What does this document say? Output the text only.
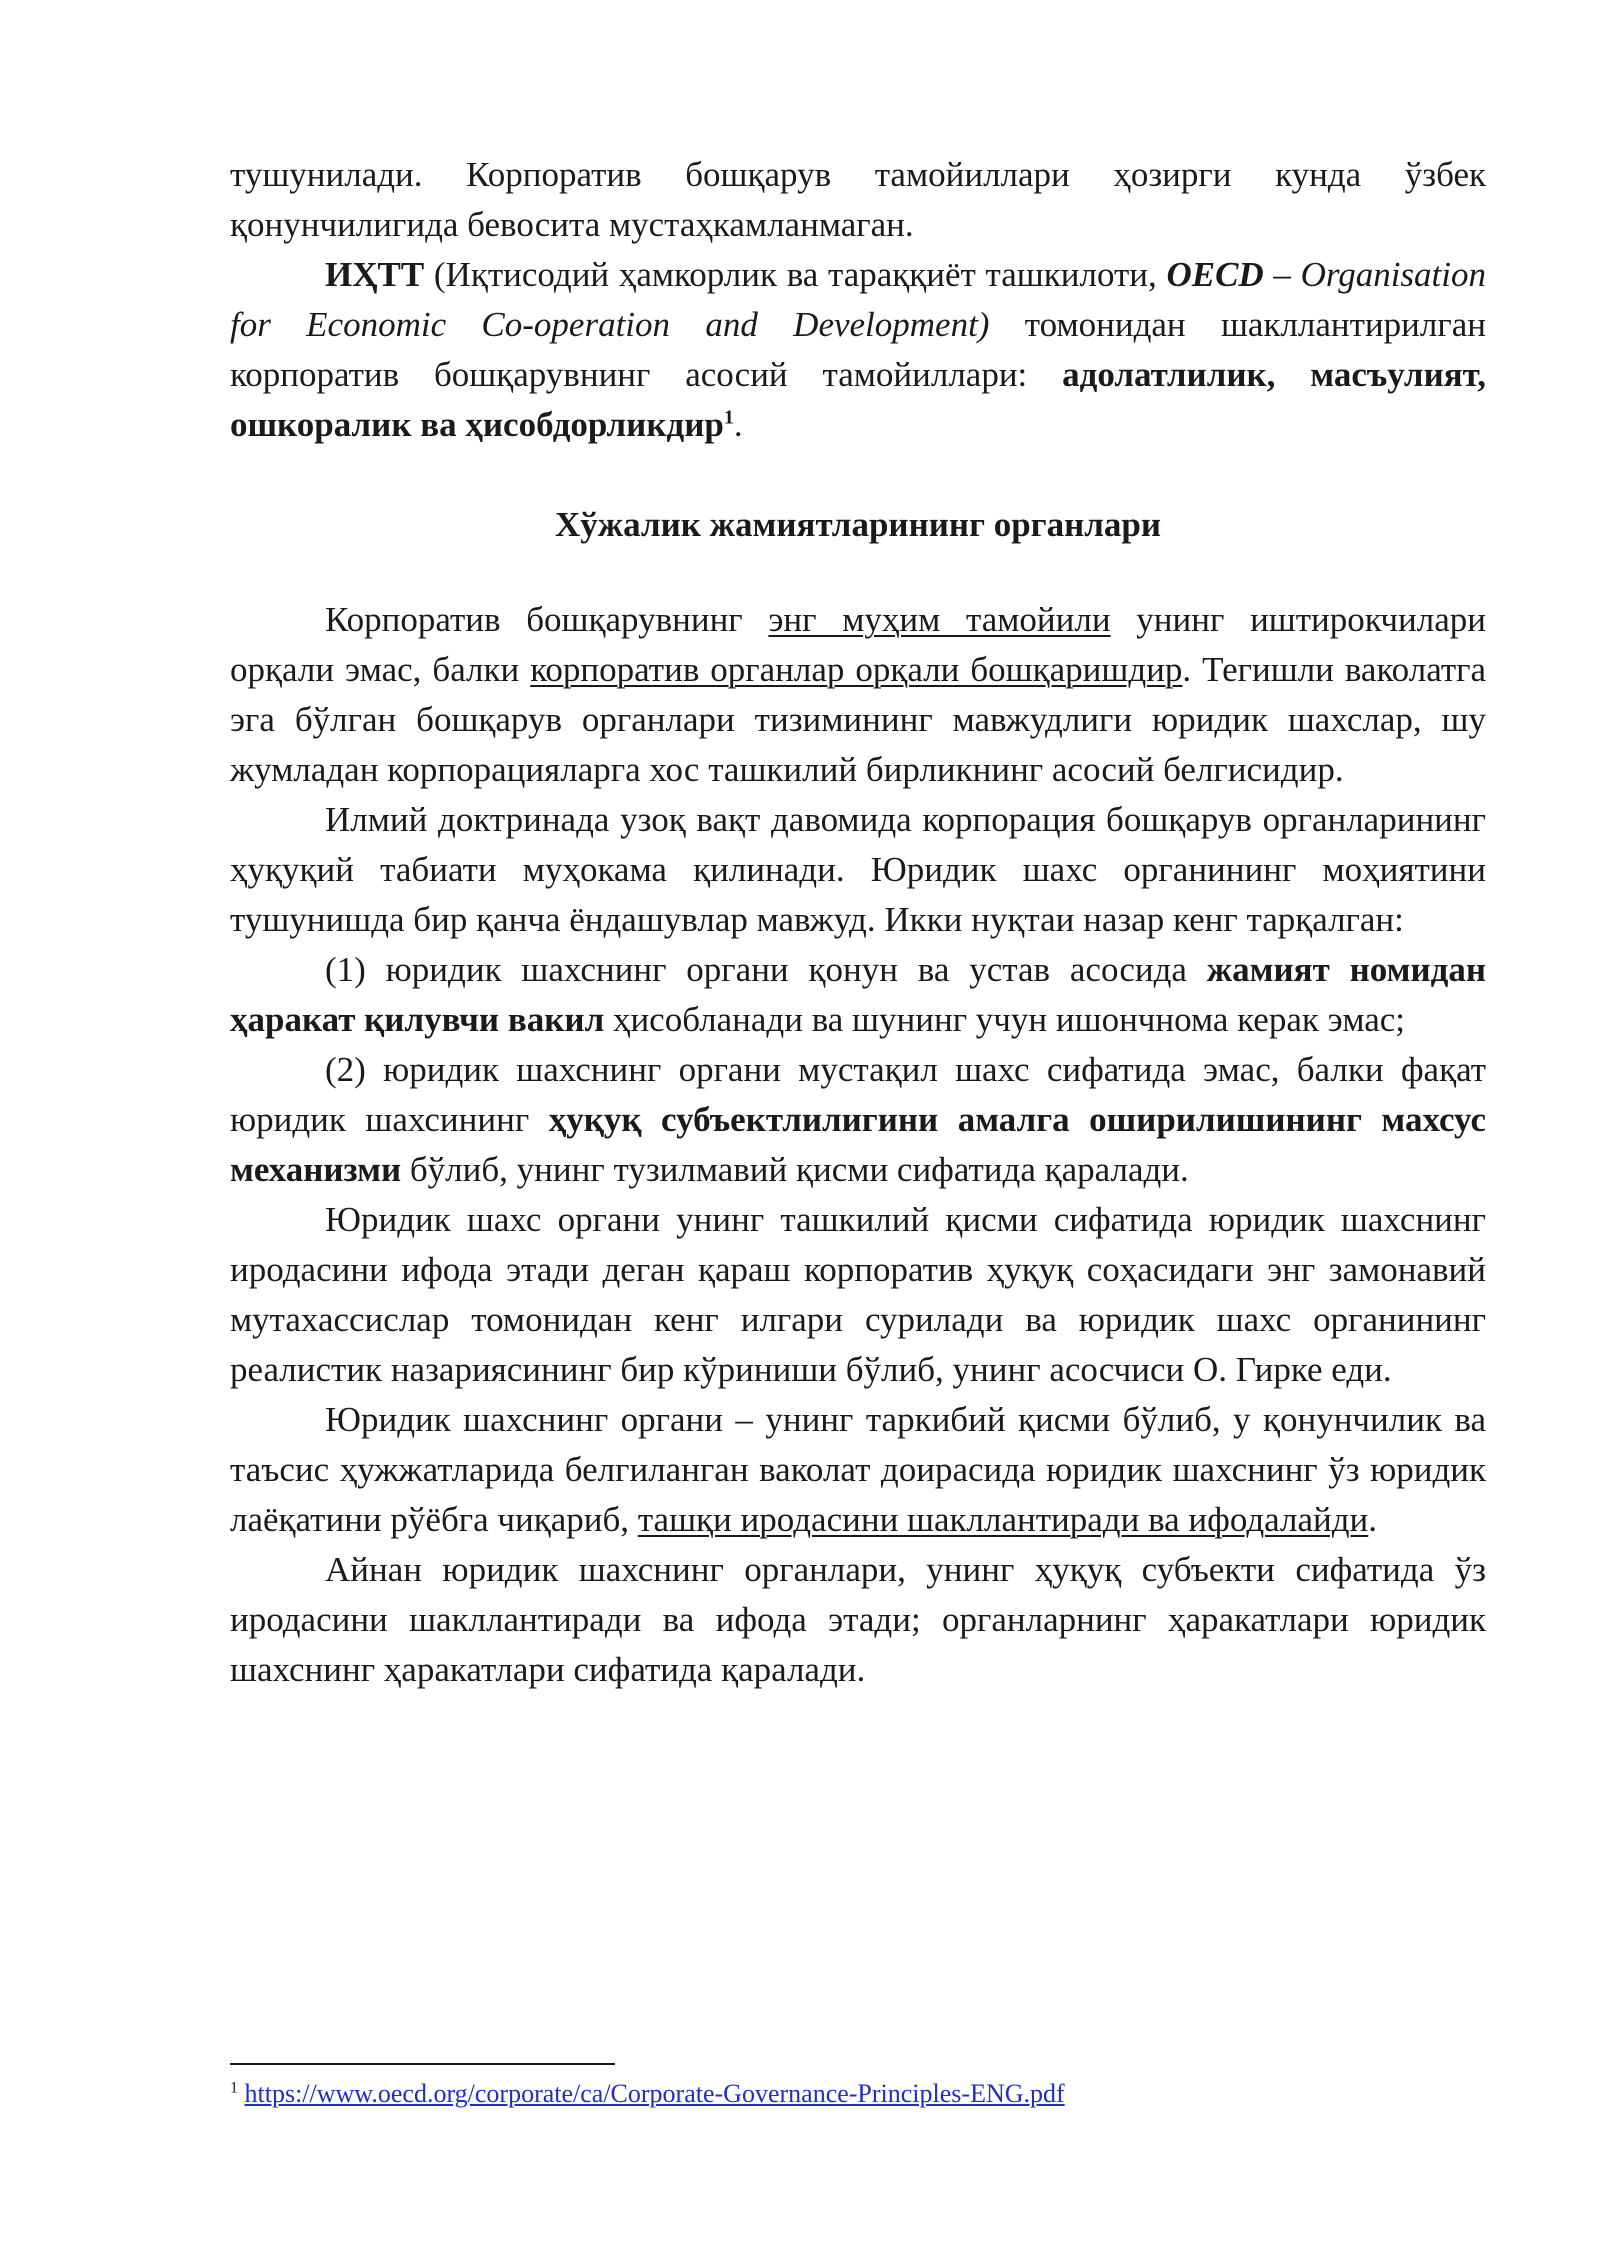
тушунилади. Корпоратив бошқарув тамойиллари ҳозирги кунда ўзбек қонунчилигида бевосита мустаҳкамланмаган.

ИҲТТ (Иқтисодий ҳамкорлик ва тараққиёт ташкилоти, OECD – Organisation for Economic Co-operation and Development) томонидан шакллантирилган корпоратив бошқарувнинг асосий тамойиллари: адолатлилик, масъулият, ошкоралик ва ҳисобдорликдир$^1$.

Хўжалик жамиятларининг органлари

Корпоратив бошқарувнинг энг муҳим тамойили унинг иштирокчилари орқали эмас, балки корпоратив органлар орқали бошқаришдир. Тегишли ваколатга эга бўлган бошқарув органлари тизимининг мавжудлиги юридик шахслар, шу жумладан корпорацияларга хос ташкилий бирликнинг асосий белгисидир.

Илмий доктринада узоқ вақт давомида корпорация бошқарув органларининг ҳуқуқий табиати муҳокама қилинади. Юридик шахс органининг моҳиятини тушунишда бир қанча ёндашувлар мавжуд. Икки нуқтаи назар кенг тарқалган:

(1) юридик шахснинг органи қонун ва устав асосида жамият номидан ҳаракат қилувчи вакил ҳисобланади ва шунинг учун ишончнома керак эмас;

(2) юридик шахснинг органи мустақил шахс сифатида эмас, балки фақат юридик шахсининг ҳуқуқ субъектлилигини амалга оширилишининг махсус механизми бўлиб, унинг тузилмавий қисми сифатида қаралади.

Юридик шахс органи унинг ташкилий қисми сифатида юридик шахснинг иродасини ифода этади деган қараш корпоратив ҳуқуқ соҳасидаги энг замонавий мутахассислар томонидан кенг илгари сурилади ва юридик шахс органининг реалистик назариясининг бир кўриниши бўлиб, унинг асосчиси О. Гирке еди.

Юридик шахснинг органи – унинг таркибий қисми бўлиб, у қонунчилик ва таъсис ҳужжатларида белгиланган ваколат доирасида юридик шахснинг ўз юридик лаёқатини рўёбга чиқариб, ташқи иродасини шакллантиради ва ифодалайди.

Айнан юридик шахснинг органлари, унинг ҳуқуқ субъекти сифатида ўз иродасини шакллантиради ва ифода этади; органларнинг ҳаракатлари юридик шахснинг ҳаракатлари сифатида қаралади.

$^1$ https://www.oecd.org/corporate/ca/Corporate-Governance-Principles-ENG.pdf
